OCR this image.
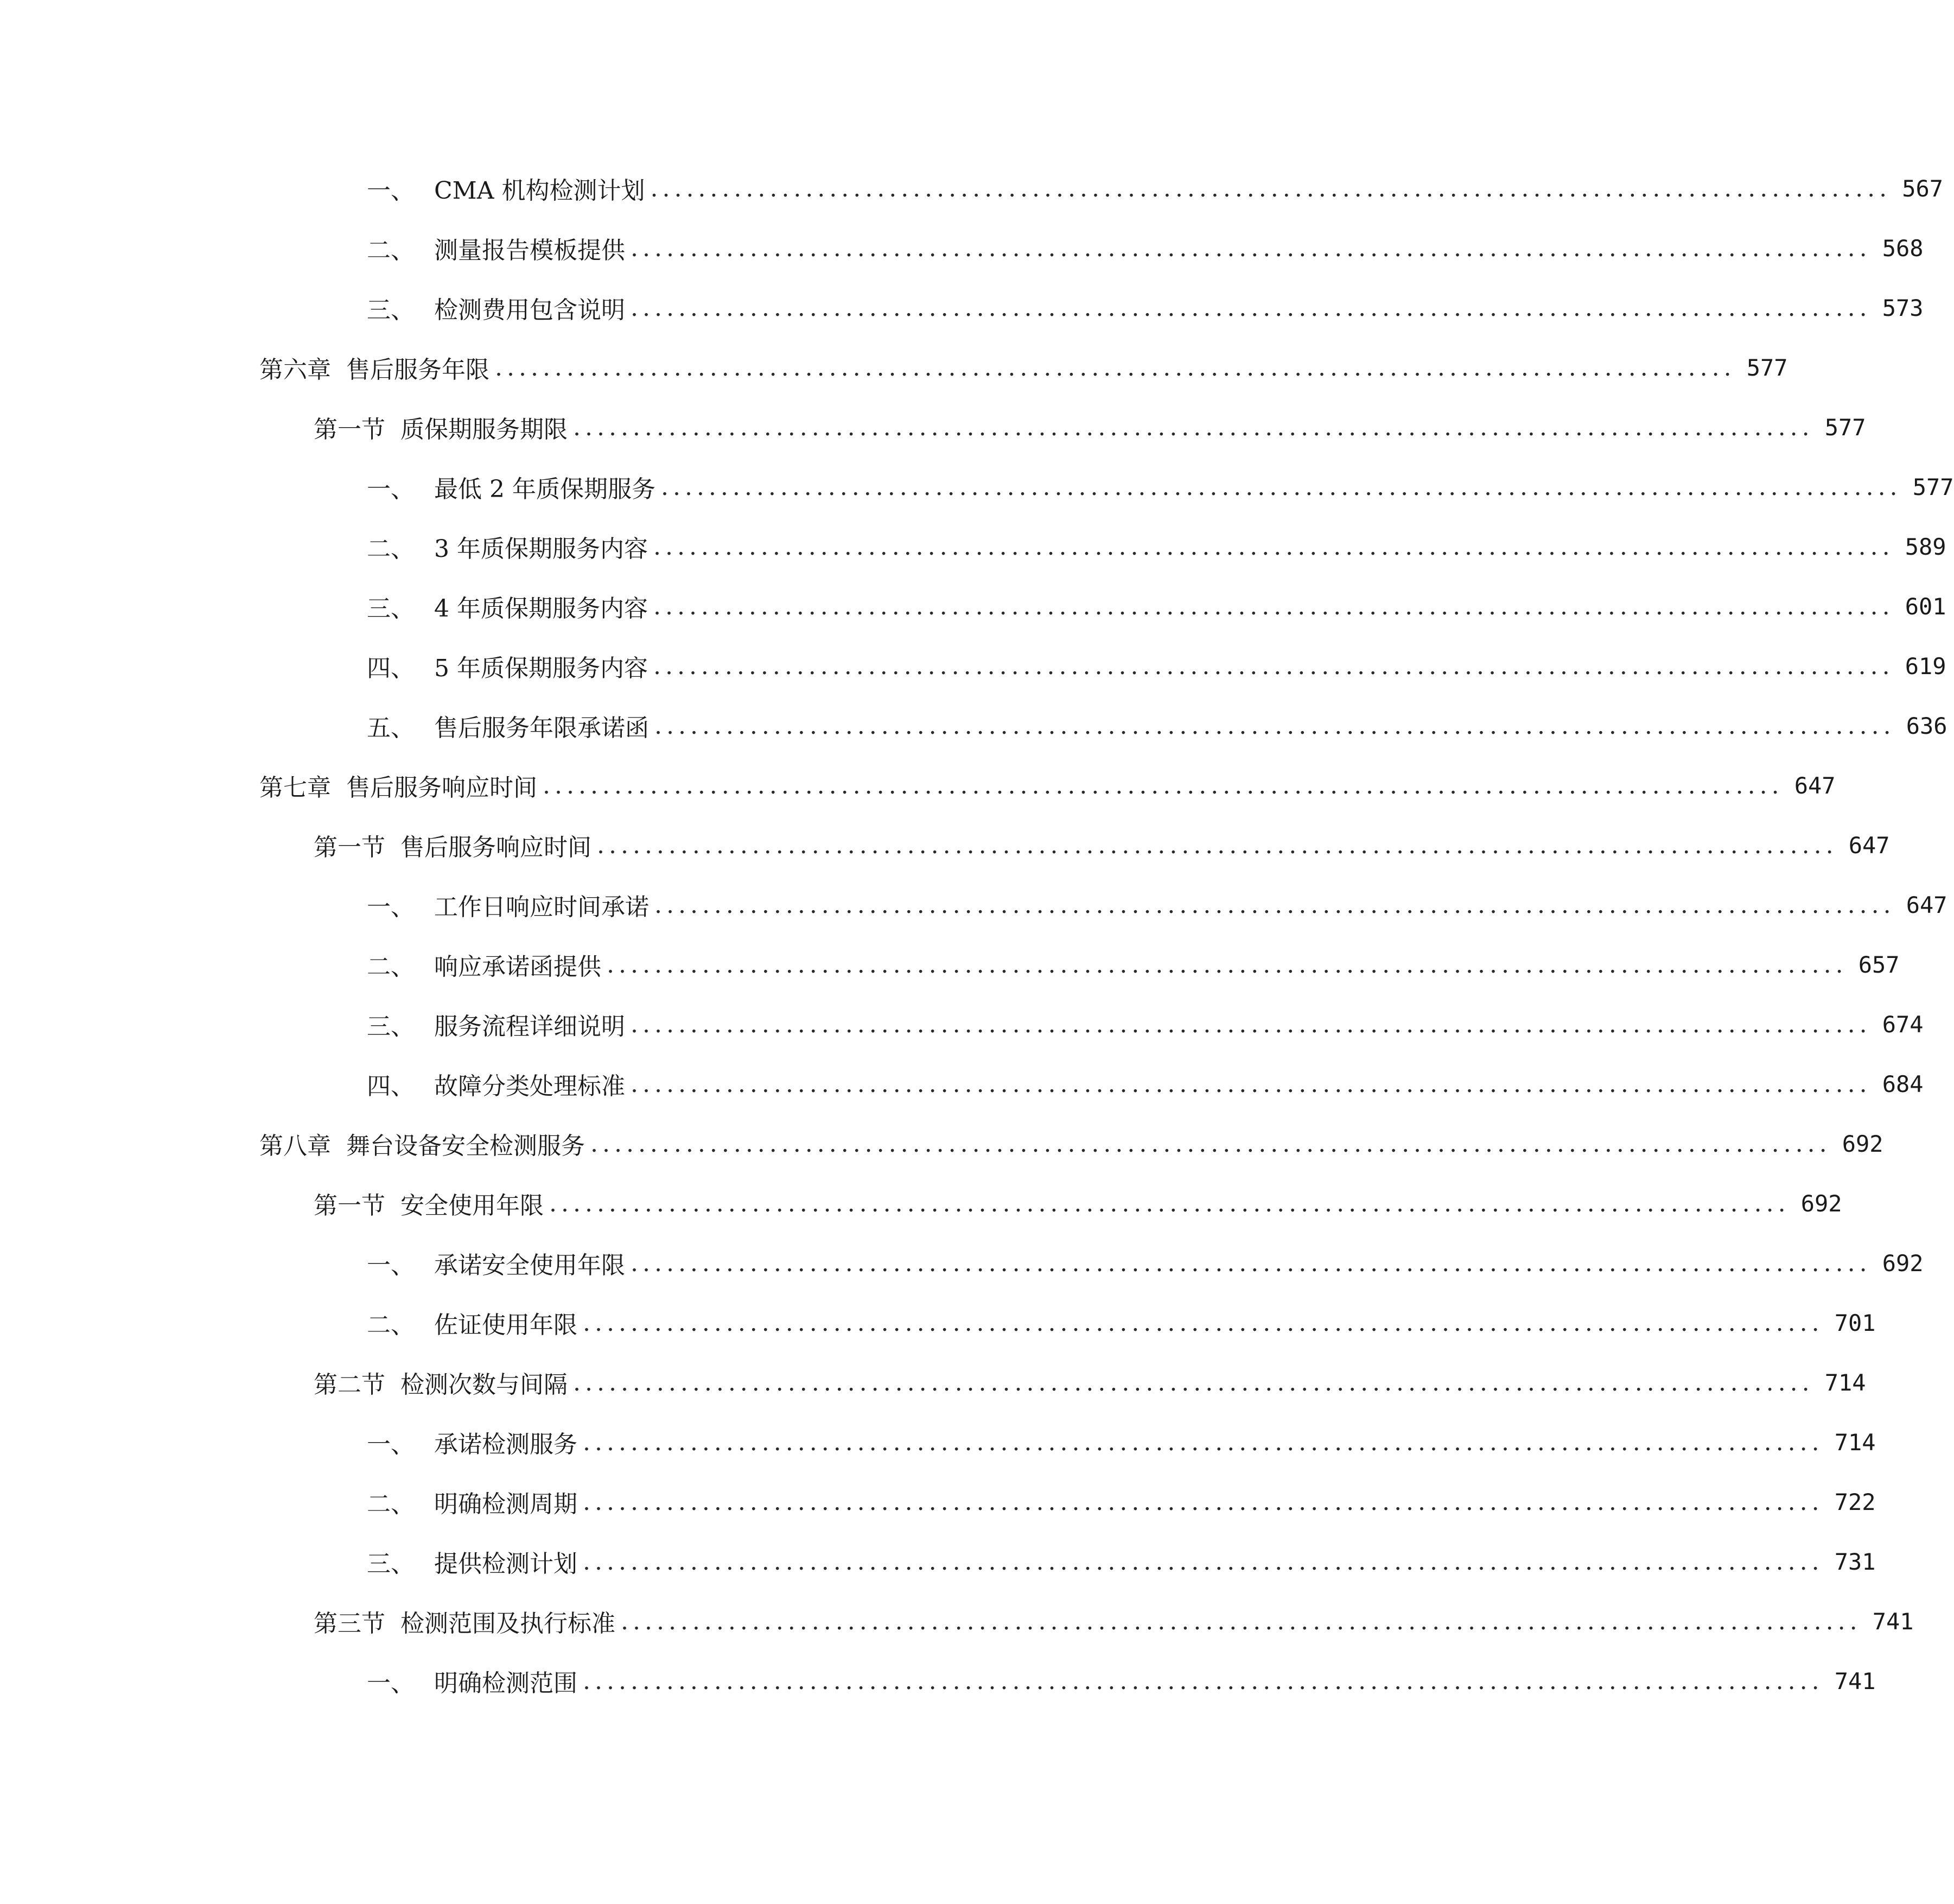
一、 CMA 机构检测计划 ........................................................................................................ 567
二、 测量报告模板提供 ........................................................................................................ 568
三、 检测费用包含说明 ........................................................................................................ 573
第六章 售后服务年限 ........................................................................................................ 577
第一节 质保期服务期限 ........................................................................................................ 577
一、 最低 2 年质保期服务 ........................................................................................................ 577
二、 3 年质保期服务内容 ........................................................................................................ 589
三、 4 年质保期服务内容 ........................................................................................................ 601
四、 5 年质保期服务内容 ........................................................................................................ 619
五、 售后服务年限承诺函 ........................................................................................................ 636
第七章 售后服务响应时间 ........................................................................................................ 647
第一节 售后服务响应时间 ........................................................................................................ 647
一、 工作日响应时间承诺 ........................................................................................................ 647
二、 响应承诺函提供 ........................................................................................................ 657
三、 服务流程详细说明 ........................................................................................................ 674
四、 故障分类处理标准 ........................................................................................................ 684
第八章 舞台设备安全检测服务 ........................................................................................................ 692
第一节 安全使用年限 ........................................................................................................ 692
一、 承诺安全使用年限 ........................................................................................................ 692
二、 佐证使用年限 ........................................................................................................ 701
第二节 检测次数与间隔 ........................................................................................................ 714
一、 承诺检测服务 ........................................................................................................ 714
二、 明确检测周期 ........................................................................................................ 722
三、 提供检测计划 ........................................................................................................ 731
第三节 检测范围及执行标准 ........................................................................................................ 741
一、 明确检测范围 ........................................................................................................ 741
